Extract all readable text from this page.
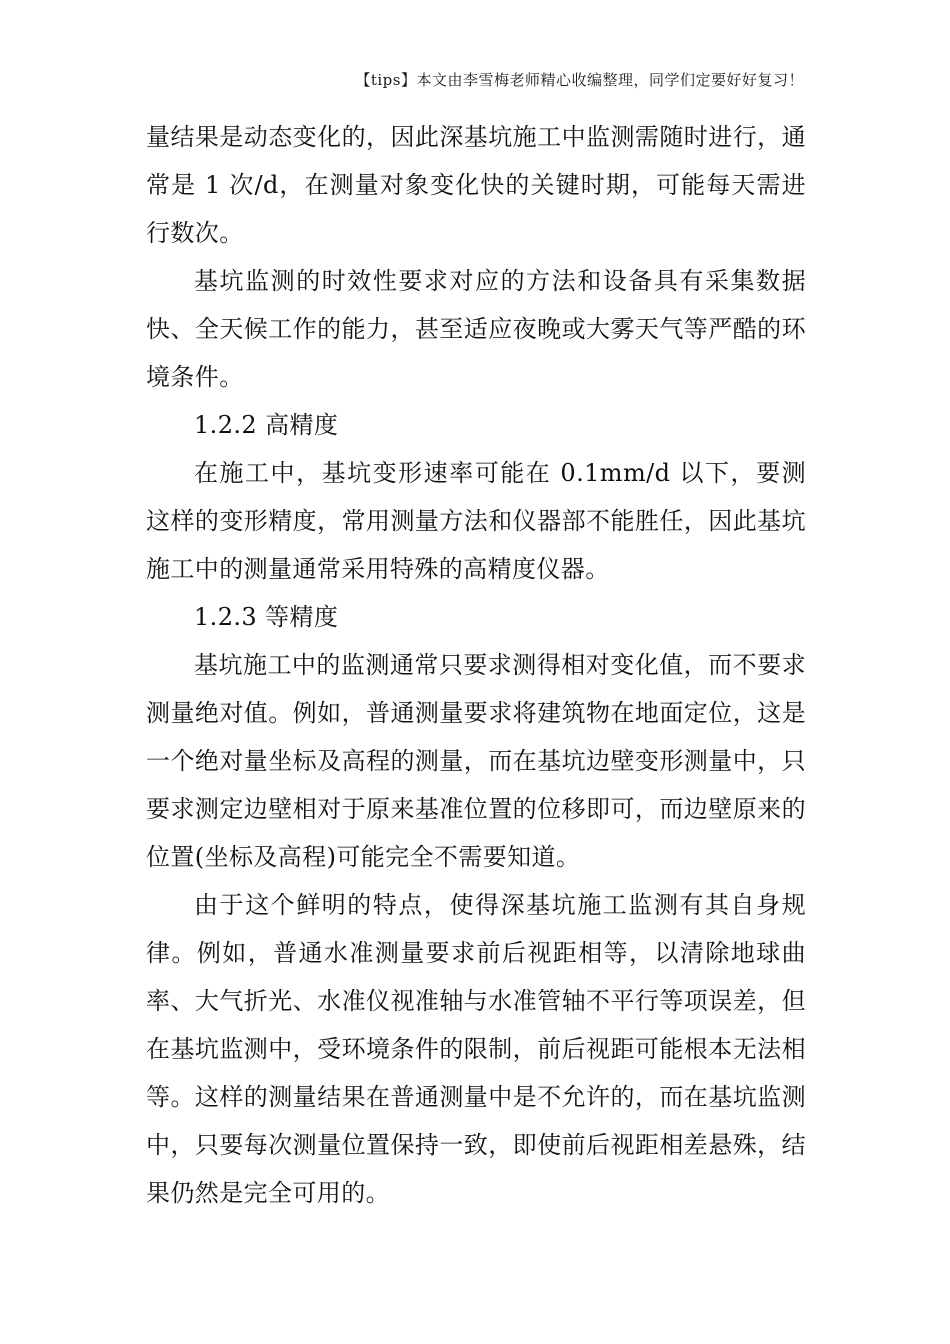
【tips】本文由李雪梅老师精心收编整理，同学们定要好好复习！

量结果是动态变化的，因此深基坑施工中监测需随时进行，通常是 1 次/d，在测量对象变化快的关键时期，可能每天需进行数次。

基坑监测的时效性要求对应的方法和设备具有采集数据快、全天候工作的能力，甚至适应夜晚或大雾天气等严酷的环境条件。

1.2.2 高精度

在施工中，基坑变形速率可能在 0.1mm/d 以下，要测这样的变形精度，常用测量方法和仪器部不能胜任，因此基坑施工中的测量通常采用特殊的高精度仪器。

1.2.3 等精度

基坑施工中的监测通常只要求测得相对变化值，而不要求测量绝对值。例如，普通测量要求将建筑物在地面定位，这是一个绝对量坐标及高程的测量，而在基坑边壁变形测量中，只要求测定边壁相对于原来基准位置的位移即可，而边壁原来的位置(坐标及高程)可能完全不需要知道。

由于这个鲜明的特点，使得深基坑施工监测有其自身规律。例如，普通水准测量要求前后视距相等，以清除地球曲率、大气折光、水准仪视准轴与水准管轴不平行等项误差，但在基坑监测中，受环境条件的限制，前后视距可能根本无法相等。这样的测量结果在普通测量中是不允许的，而在基坑监测中，只要每次测量位置保持一致，即使前后视距相差悬殊，结果仍然是完全可用的。
